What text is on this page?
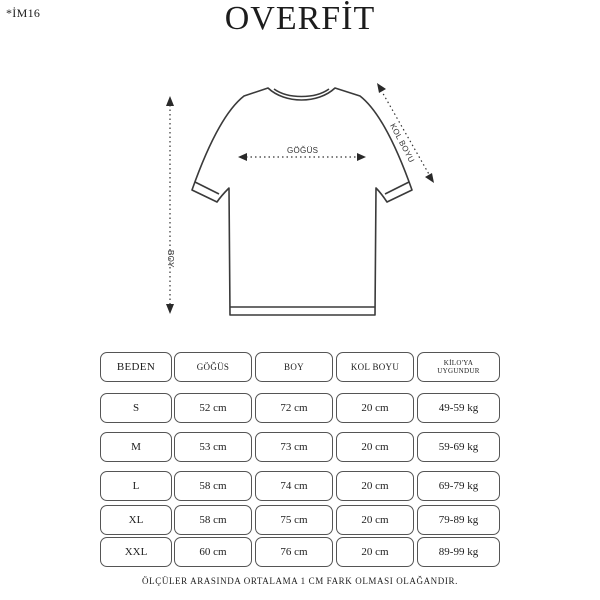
*İM16	OVERFİT
GÖĞÜS	KOL BOYU
BOY
BEDEN	GÖĞÜS	BOY	KOL BOYU	KİLO'YA
UYGUNDUR
S	52 cm	72 cm	20 cm	49-59 kg
M	53 cm	73 cm	20 cm	59-69 kg
L	58 cm	74 cm	20 cm	69-79 kg
XL	58 cm	75 cm	20 cm	79-89 kg
XXL	60 cm	76 cm	20 cm	89-99 kg
ÖLÇÜLER ARASINDA ORTALAMA 1 CM FARK OLMASI OLAĞANDIR.
